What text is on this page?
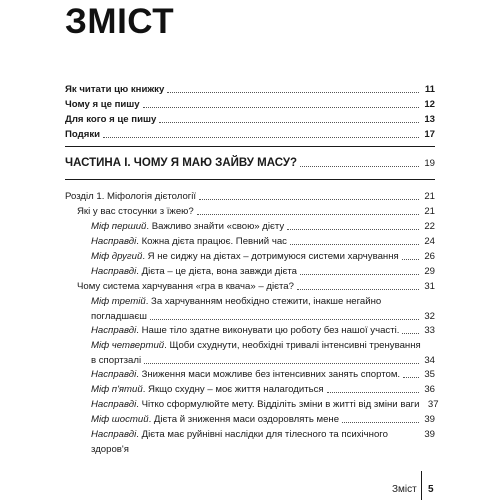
ЗМІСТ
Як читати цю книжку	11
Чому я це пишу	12
Для кого я це пишу	13
Подяки	17
ЧАСТИНА І. ЧОМУ Я МАЮ ЗАЙВУ МАСУ?	19
Розділ 1. Міфологія дієтології	21
Які у вас стосунки з їжею?	21
Міф перший. Важливо знайти «свою» дієту	22
Насправді. Кожна дієта працює. Певний час	24
Міф другий. Я не сиджу на дієтах – дотримуюся системи харчування	26
Насправді. Дієта – це дієта, вона завжди дієта	29
Чому система харчування «гра в квача» – дієта?	31
Міф третій. За харчуванням необхідно стежити, інакше негайно
погладшаєш	32
Насправді. Наше тіло здатне виконувати цю роботу без нашої участі.	33
Міф четвертий. Щоби схуднути, необхідні тривалі інтенсивні тренування
в спортзалі	34
Насправді. Зниження маси можливе без інтенсивних занять спортом.	35
Міф п'ятий. Якщо схудну – моє життя налагодиться	36
Насправді. Чітко сформулюйте мету. Відділіть зміни в житті від зміни ваги 37
Міф шостий. Дієта й зниження маси оздоровлять мене	39
Насправді. Дієта має руйнівні наслідки для тілесного та психічного	39
здоров'я
Зміст 5
